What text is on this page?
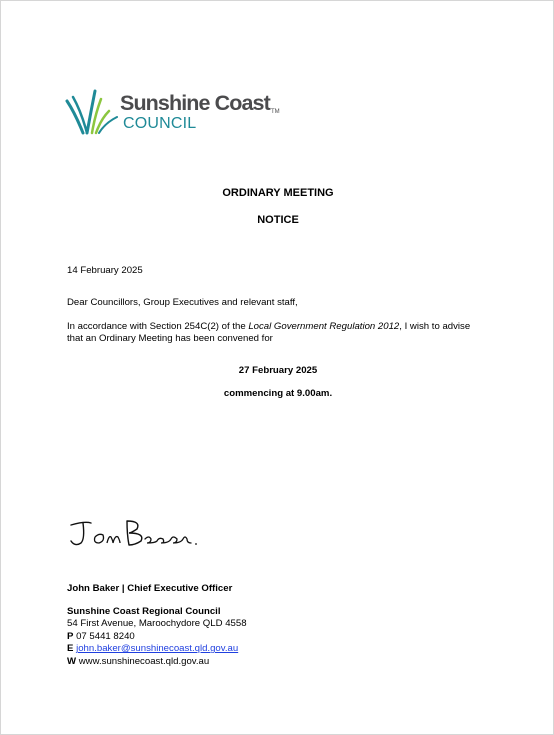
Sunshine Coast TM
COUNCIL
ORDINARY MEETING
NOTICE
14 February 2025
Dear Councillors, Group Executives and relevant staff,
In accordance with Section 254C(2) of the Local Government Regulation 2012, I wish to advise
that an Ordinary Meeting has been convened for
27 February 2025
commencing at 9.00am.
John Baker | Chief Executive Officer
Sunshine Coast Regional Council
54 First Avenue, Maroochydore QLD 4558
P 07 5441 8240
E john.baker@sunshinecoast.qld.gov.au
W www.sunshinecoast.qld.gov.au
